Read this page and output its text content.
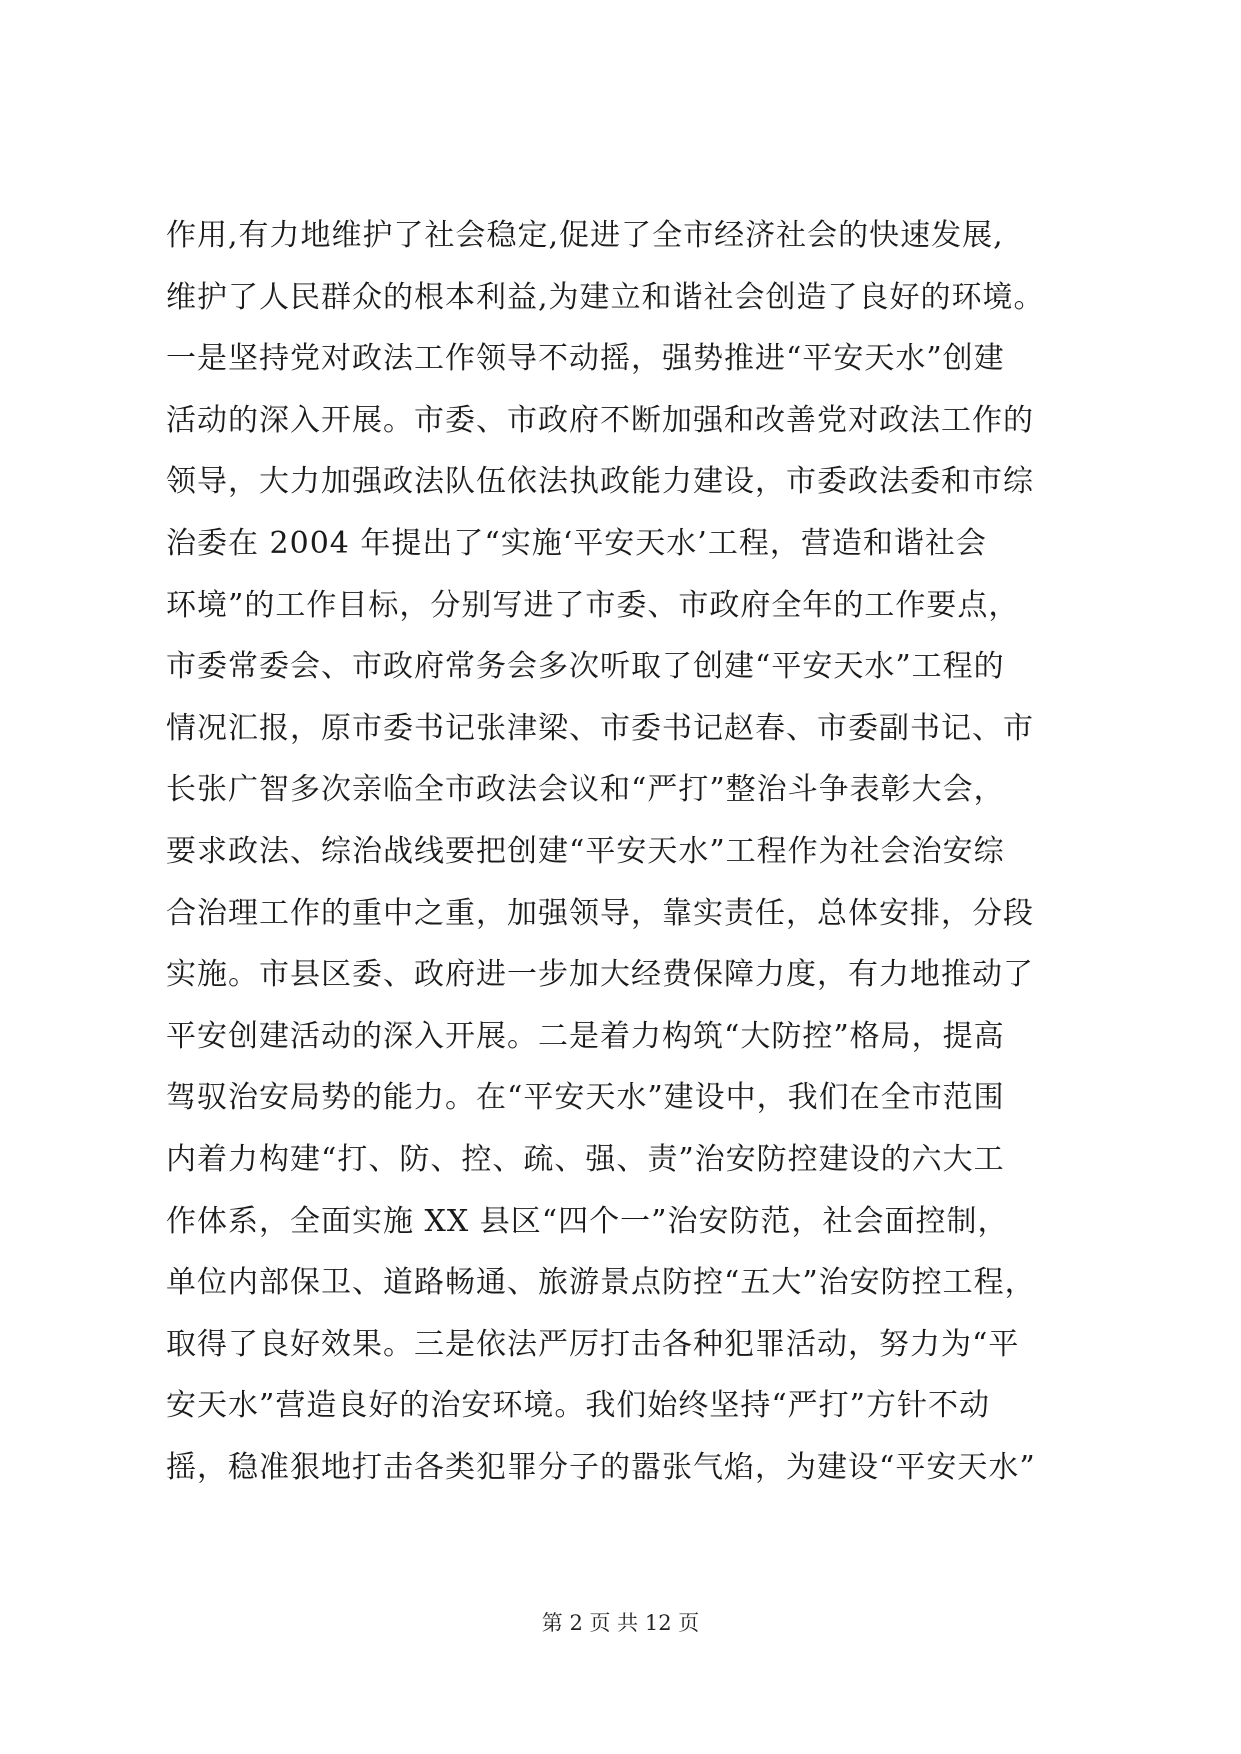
作用,有力地维护了社会稳定,促进了全市经济社会的快速发展,
维护了人民群众的根本利益,为建立和谐社会创造了良好的环境。
一是坚持党对政法工作领导不动摇，强势推进“平安天水”创建
活动的深入开展。市委、市政府不断加强和改善党对政法工作的
领导，大力加强政法队伍依法执政能力建设，市委政法委和市综
治委在 2004 年提出了“实施‘平安天水’工程，营造和谐社会
环境”的工作目标，分别写进了市委、市政府全年的工作要点，
市委常委会、市政府常务会多次听取了创建“平安天水”工程的
情况汇报，原市委书记张津梁、市委书记赵春、市委副书记、市
长张广智多次亲临全市政法会议和“严打”整治斗争表彰大会，
要求政法、综治战线要把创建“平安天水”工程作为社会治安综
合治理工作的重中之重，加强领导，靠实责任，总体安排，分段
实施。市县区委、政府进一步加大经费保障力度，有力地推动了
平安创建活动的深入开展。二是着力构筑“大防控”格局，提高
驾驭治安局势的能力。在“平安天水”建设中，我们在全市范围
内着力构建“打、防、控、疏、强、责”治安防控建设的六大工
作体系，全面实施 XX 县区“四个一”治安防范，社会面控制，
单位内部保卫、道路畅通、旅游景点防控“五大”治安防控工程，
取得了良好效果。三是依法严厉打击各种犯罪活动，努力为“平
安天水”营造良好的治安环境。我们始终坚持“严打”方针不动
摇，稳准狠地打击各类犯罪分子的嚣张气焰，为建设“平安天水”
第 2 页 共 12 页
